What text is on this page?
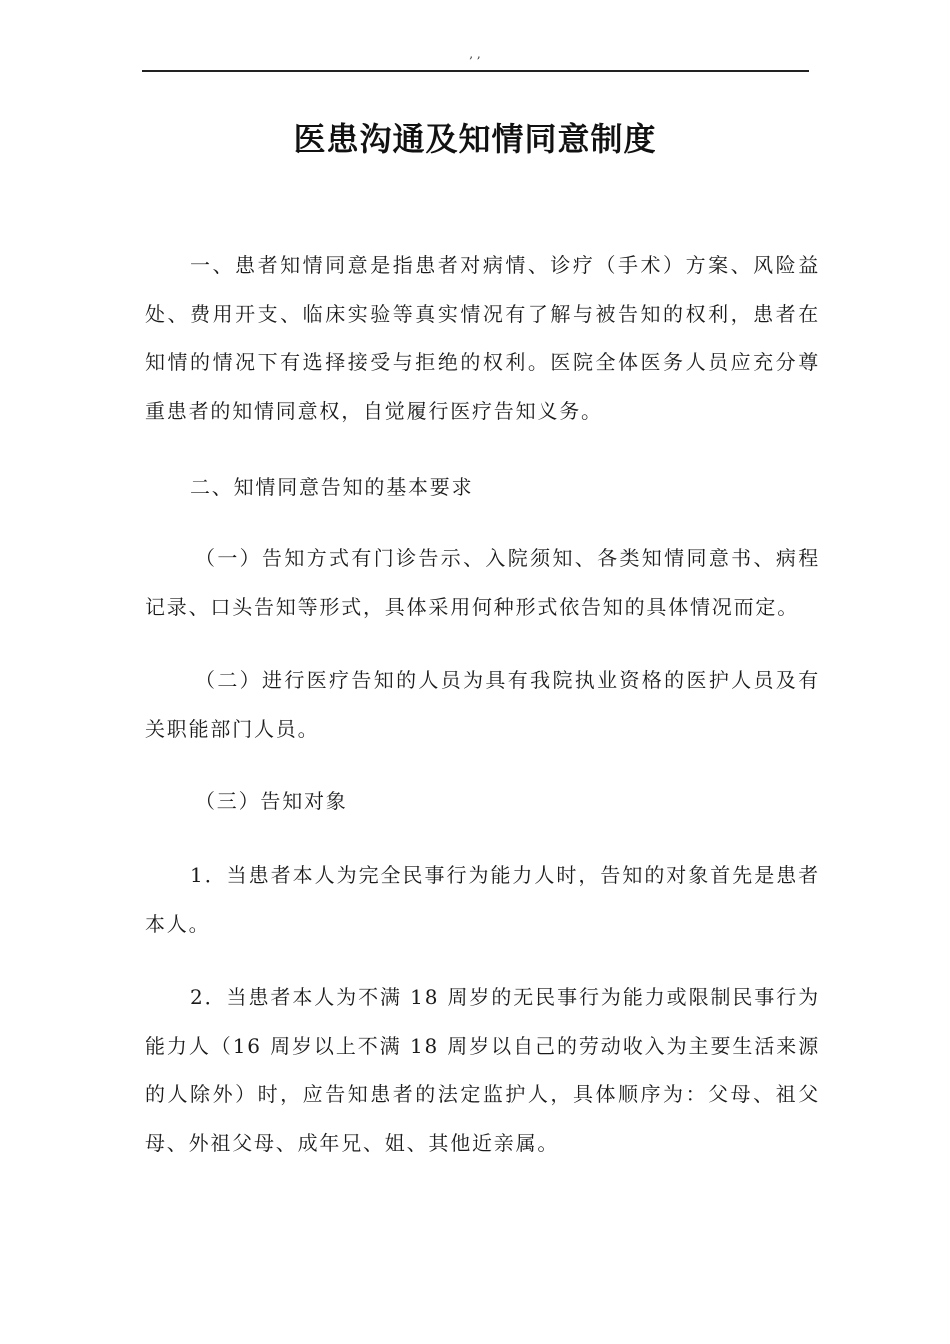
, ,
医患沟通及知情同意制度

一、患者知情同意是指患者对病情、诊疗（手术）方案、风险益处、费用开支、临床实验等真实情况有了解与被告知的权利，患者在知情的情况下有选择接受与拒绝的权利。医院全体医务人员应充分尊重患者的知情同意权，自觉履行医疗告知义务。

二、知情同意告知的基本要求

（一）告知方式有门诊告示、入院须知、各类知情同意书、病程记录、口头告知等形式，具体采用何种形式依告知的具体情况而定。

（二）进行医疗告知的人员为具有我院执业资格的医护人员及有关职能部门人员。

（三）告知对象

1．当患者本人为完全民事行为能力人时，告知的对象首先是患者本人。

2．当患者本人为不满 18 周岁的无民事行为能力或限制民事行为能力人（16 周岁以上不满 18 周岁以自己的劳动收入为主要生活来源的人除外）时，应告知患者的法定监护人，具体顺序为：父母、祖父母、外祖父母、成年兄、姐、其他近亲属。
